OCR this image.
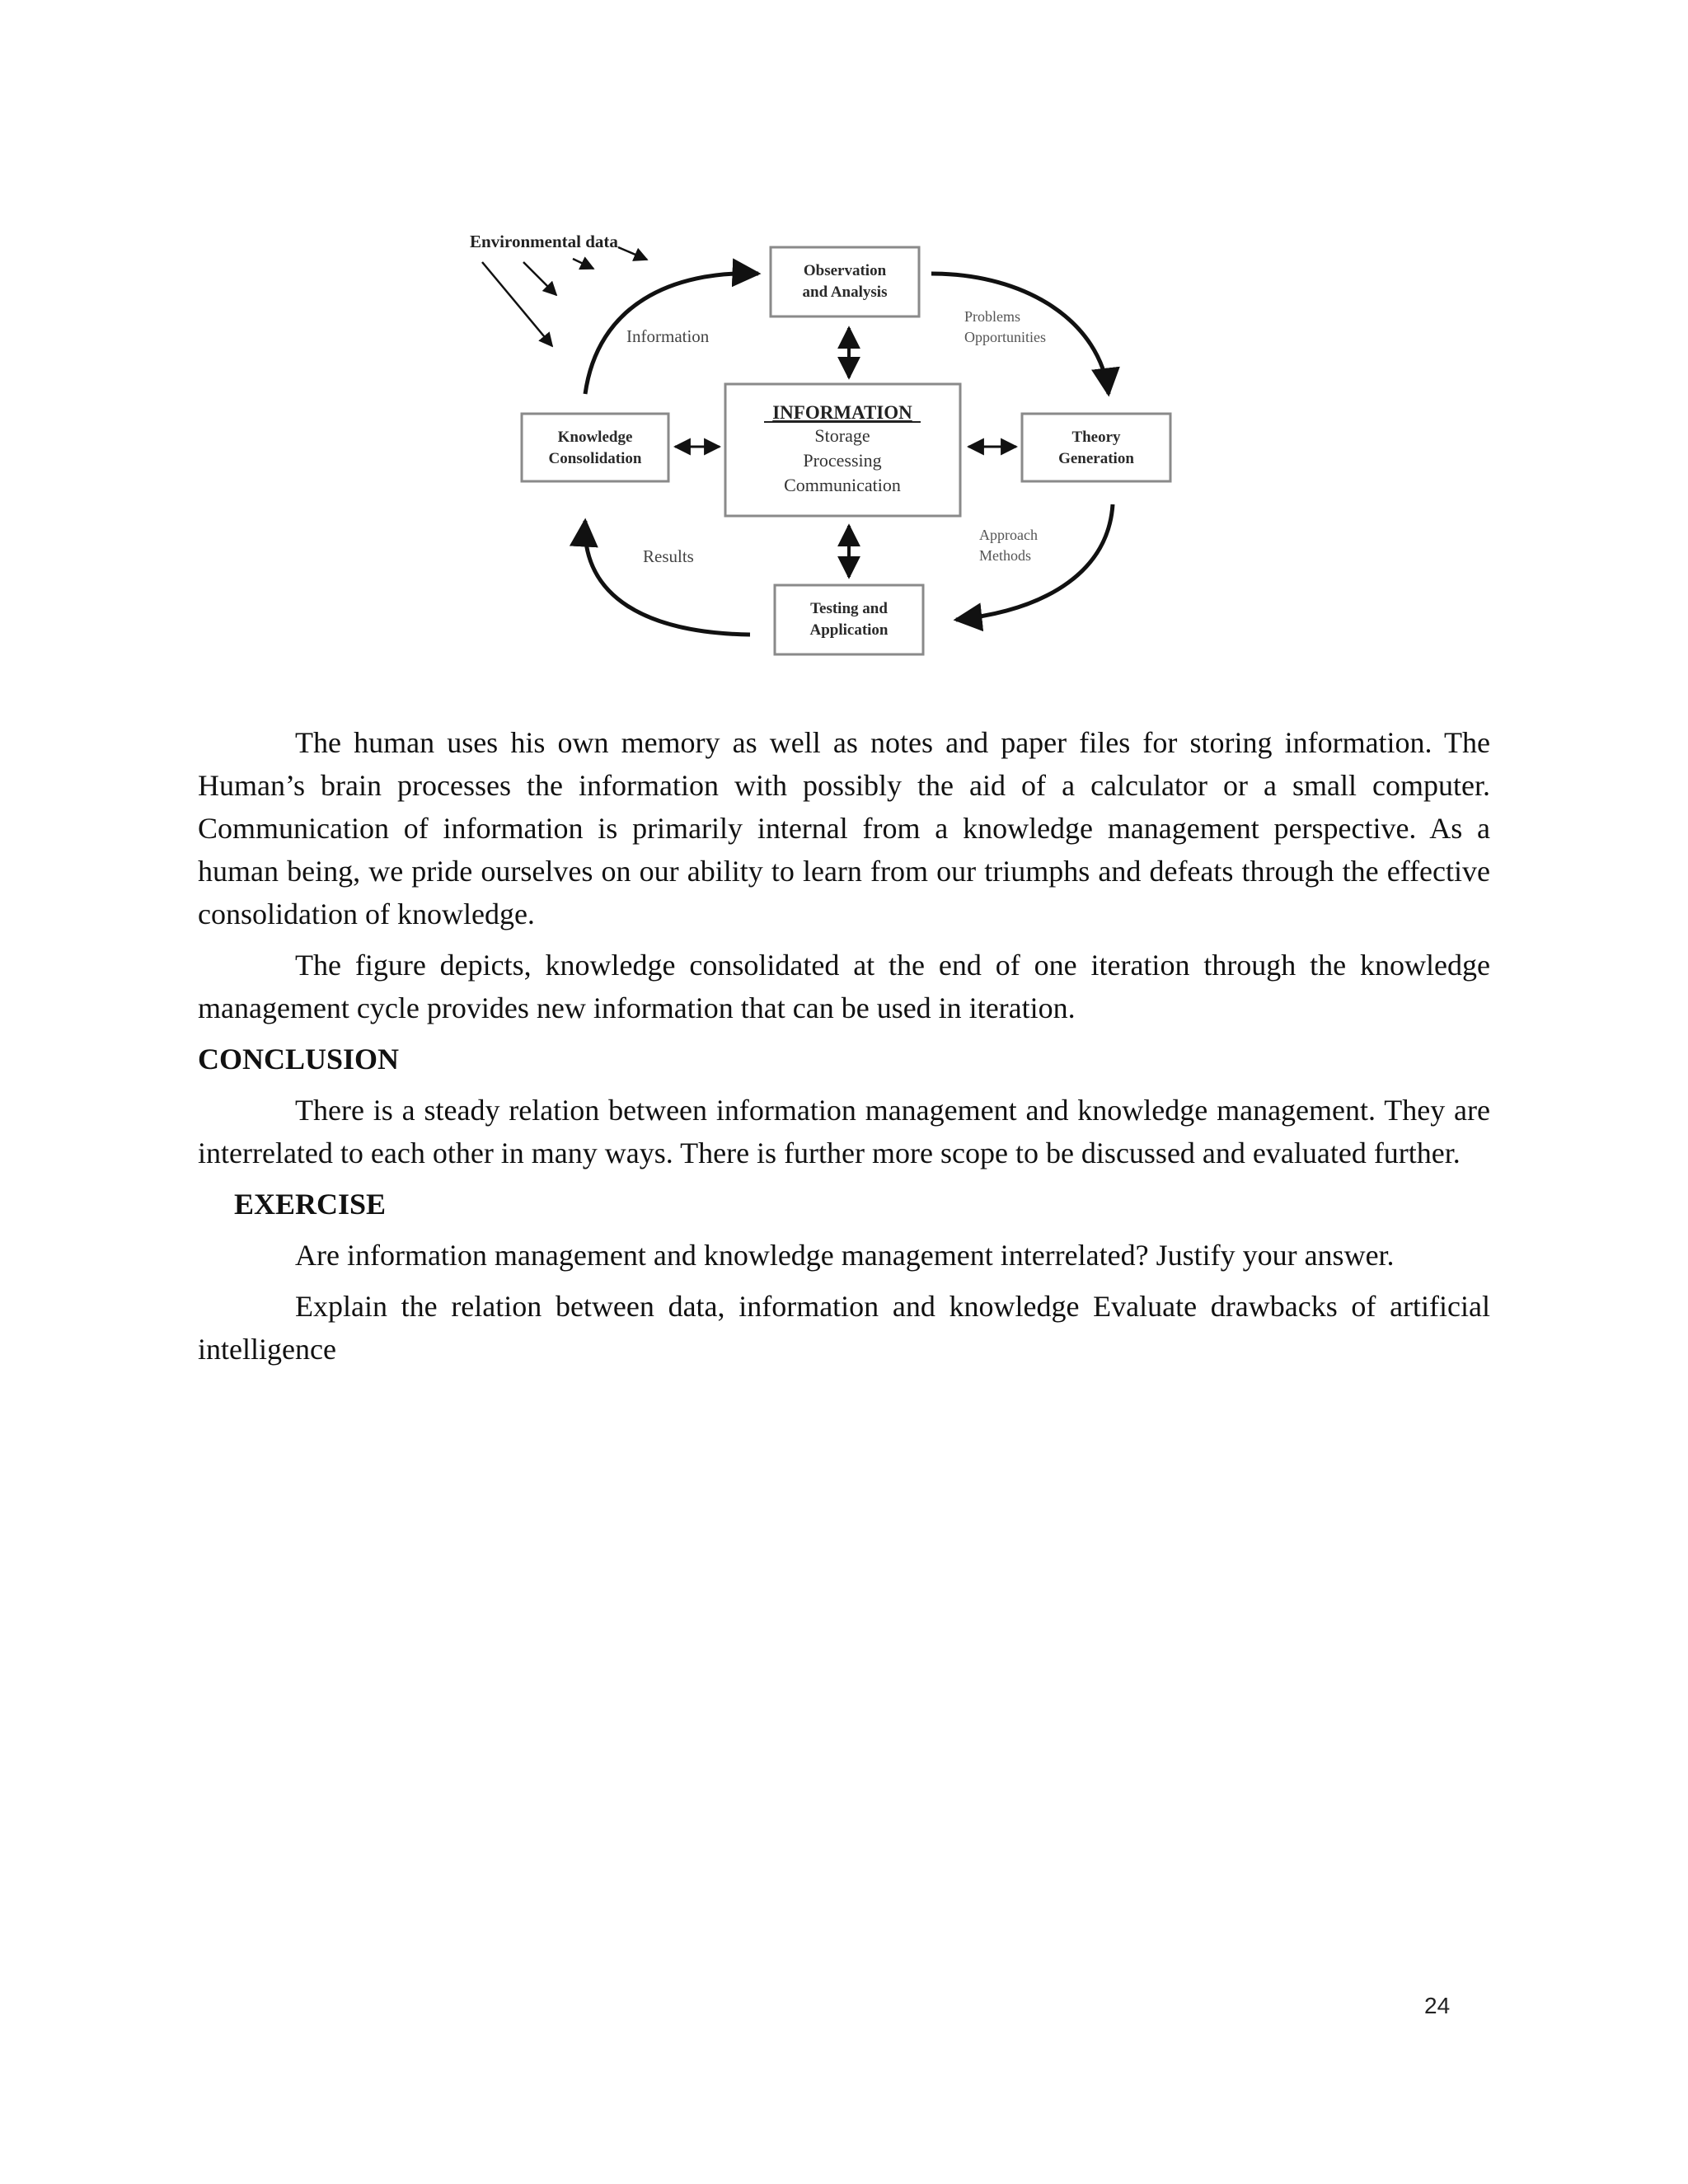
Environmental data
Observation
and Analysis
Knowledge
Consolidation
INFORMATION
Storage
Processing
Communication
Theory
Generation
Testing and
Application
Information
Problems
Opportunities
Approach
Methods
Results

The human uses his own memory as well as notes and paper files for storing information. The Human’s brain processes the information with possibly the aid of a calculator or a small computer. Communication of information is primarily internal from a knowledge management perspective. As a human being, we pride ourselves on our ability to learn from our triumphs and defeats through the effective consolidation of knowledge.

The figure depicts, knowledge consolidated at the end of one iteration through the knowledge management cycle provides new information that can be used in iteration.

CONCLUSION

There is a steady relation between information management and knowledge management. They are interrelated to each other in many ways. There is further more scope to be discussed and evaluated further.

EXERCISE

Are information management and knowledge management interrelated? Justify your answer.

Explain the relation between data, information and knowledge Evaluate drawbacks of artificial intelligence

24
